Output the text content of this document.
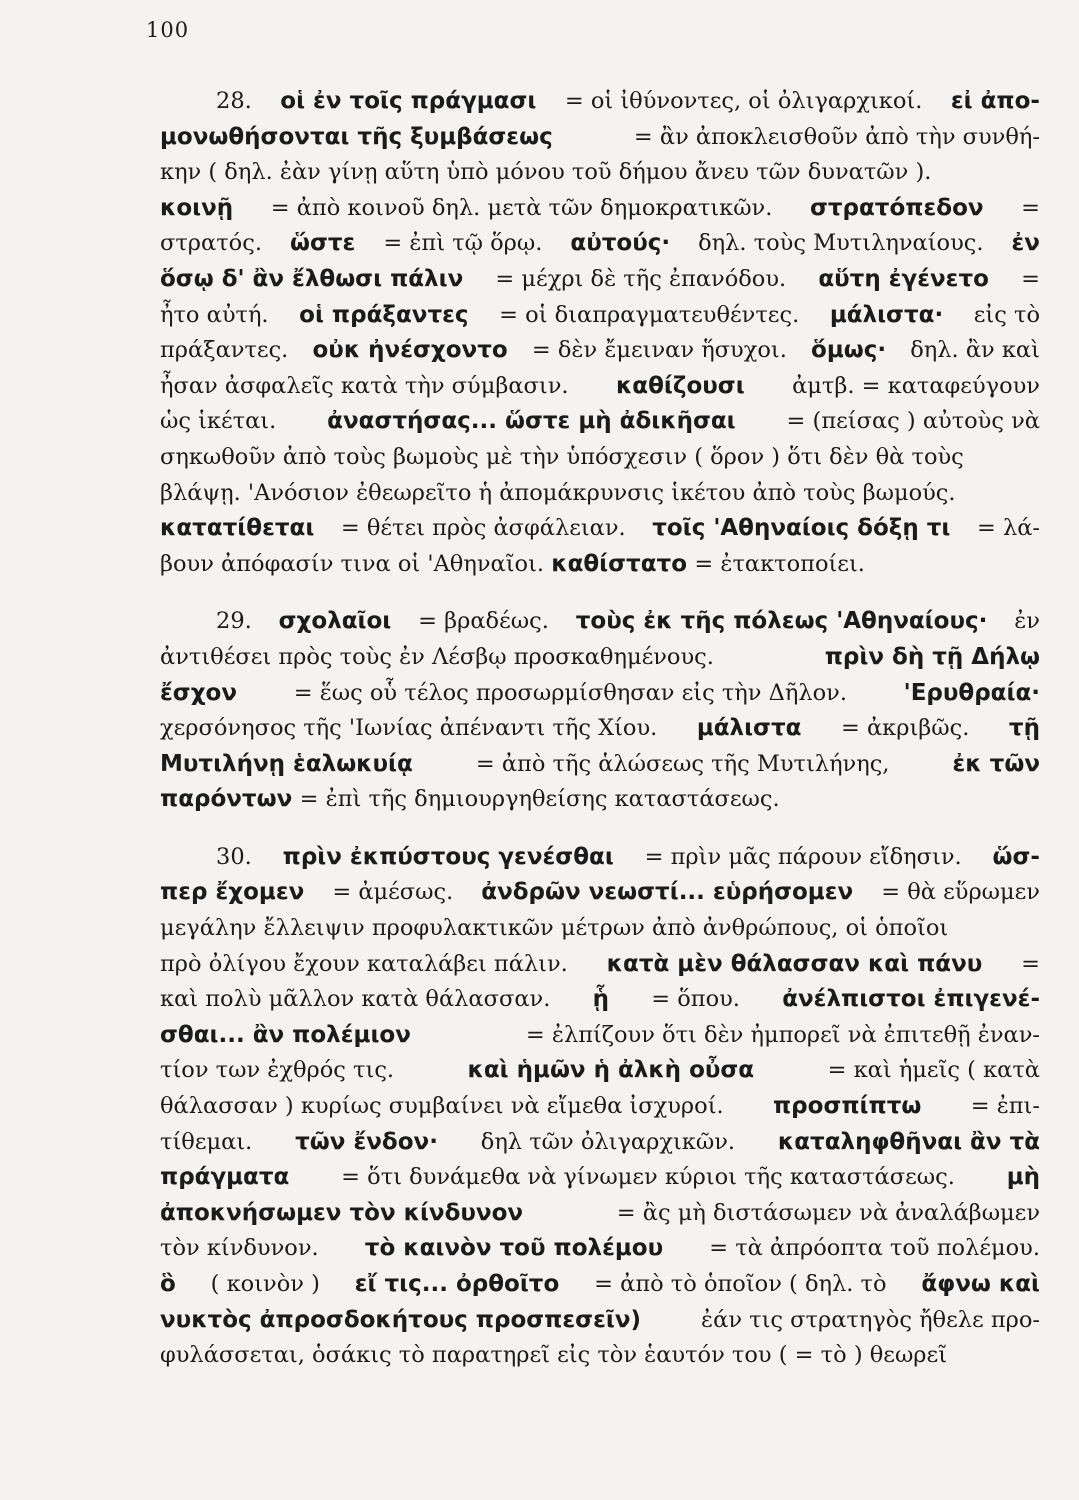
100
28. οἱ ἐν τοῖς πράγμασι = οἱ ἰθύνοντες, οἱ ὀλιγαρχικοί. εἰ ἀπο-
μονωθήσονται τῆς ξυμβάσεως	= ἂν ἀποκλεισθοῦν ἀπὸ τὴν συνθή-
κην ( δηλ. ἐὰν γίνῃ αὕτη ὑπὸ μόνου τοῦ δήμου ἄνευ τῶν δυνατῶν ).
κοινῇ = ἀπὸ κοινοῦ δηλ. μετὰ τῶν δημοκρατικῶν. στρατόπεδον =
στρατός. ὥστε = ἐπὶ τῷ ὅρῳ. αὐτούς· δηλ. τοὺς Μυτιληναίους. ἐν
ὅσῳ δ' ἂν ἔλθωσι πάλιν = μέχρι δὲ τῆς ἐπανόδου. αὕτη ἐγένετο =
ἦτο αὐτή. οἱ πράξαντες = οἱ διαπραγματευθέντες. μάλιστα· εἰς τὸ
πράξαντες. οὐκ ἠνέσχοντο = δὲν ἔμειναν ἥσυχοι. ὅμως· δηλ. ἂν καὶ
ἦσαν ἀσφαλεῖς κατὰ τὴν σύμβασιν. καθίζουσι ἀμτβ. = καταφεύγουν
ὡς ἱκέται. ἀναστήσας... ὥστε μὴ ἀδικῆσαι = (πείσας ) αὐτοὺς νὰ
σηκωθοῦν ἀπὸ τοὺς βωμοὺς μὲ τὴν ὑπόσχεσιν ( ὅρον ) ὅτι δὲν θὰ τοὺς
βλάψῃ. 'Ανόσιον ἐθεωρεῖτο ἡ ἀπομάκρυνσις ἱκέτου ἀπὸ τοὺς βωμούς.
κατατίθεται = θέτει πρὸς ἀσφάλειαν. τοῖς 'Αθηναίοις δόξῃ τι = λά-
βουν ἀπόφασίν τινα οἱ 'Αθηναῖοι. καθίστατο = ἐτακτοποίει.
29. σχολαῖοι = βραδέως. τοὺς ἐκ τῆς πόλεως 'Αθηναίους· ἐν
ἀντιθέσει πρὸς τοὺς ἐν Λέσβῳ προσκαθημένους.	πρὶν δὴ τῇ Δήλῳ
ἔσχον	= ἕως οὗ τέλος προσωρμίσθησαν εἰς τὴν Δῆλον. 'Ερυθραία·
χερσόνησος τῆς 'Ιωνίας ἀπέναντι τῆς Χίου. μάλιστα = ἀκριβῶς. τῇ
Μυτιλήνῃ ἑαλωκυίᾳ	= ἀπὸ τῆς ἁλώσεως τῆς Μυτιλήνης,	ἐκ τῶν
παρόντων = ἐπὶ τῆς δημιουργηθείσης καταστάσεως.
30. πρὶν ἐκπύστους γενέσθαι = πρὶν μᾶς πάρουν εἴδησιν. ὥσ-
περ ἔχομεν = ἀμέσως. ἀνδρῶν νεωστί... εὑρήσομεν = θὰ εὕρωμεν
μεγάλην ἔλλειψιν προφυλακτικῶν μέτρων ἀπὸ ἀνθρώπους, οἱ ὁποῖοι
πρὸ ὀλίγου ἔχουν καταλάβει πάλιν. κατὰ μὲν θάλασσαν καὶ πάνυ =
καὶ πολὺ μᾶλλον κατὰ θάλασσαν. ᾗ = ὅπου. ἀνέλπιστοι ἐπιγενέ-
σθαι... ἂν πολέμιον	= ἐλπίζουν ὅτι δὲν ἠμπορεῖ νὰ ἐπιτεθῇ ἐναν-
τίον των ἐχθρός τις.	καὶ ἡμῶν ἡ ἀλκὴ οὖσα	= καὶ ἡμεῖς ( κατὰ
θάλασσαν ) κυρίως συμβαίνει νὰ εἴμεθα ἰσχυροί. προσπίπτω = ἐπι-
τίθεμαι. τῶν ἔνδον· δηλ τῶν ὀλιγαρχικῶν. καταληφθῆναι ἂν τὰ
πράγματα = ὅτι δυνάμεθα νὰ γίνωμεν κύριοι τῆς καταστάσεως. μὴ
ἀποκνήσωμεν τὸν κίνδυνον	= ἂς μὴ διστάσωμεν νὰ ἀναλάβωμεν
τὸν κίνδυνον. τὸ καινὸν τοῦ πολέμου = τὰ ἀπρόοπτα τοῦ πολέμου.
ὃ ( κοινὸν ) εἴ τις... ὀρθοῖτο = ἀπὸ τὸ ὁποῖον ( δηλ. τὸ ἄφνω καὶ
νυκτὸς ἀπροσδοκήτους προσπεσεῖν)	ἐάν τις στρατηγὸς ἤθελε προ-
φυλάσσεται, ὁσάκις τὸ παρατηρεῖ εἰς τὸν ἑαυτόν του ( = τὸ ) θεωρεῖ
